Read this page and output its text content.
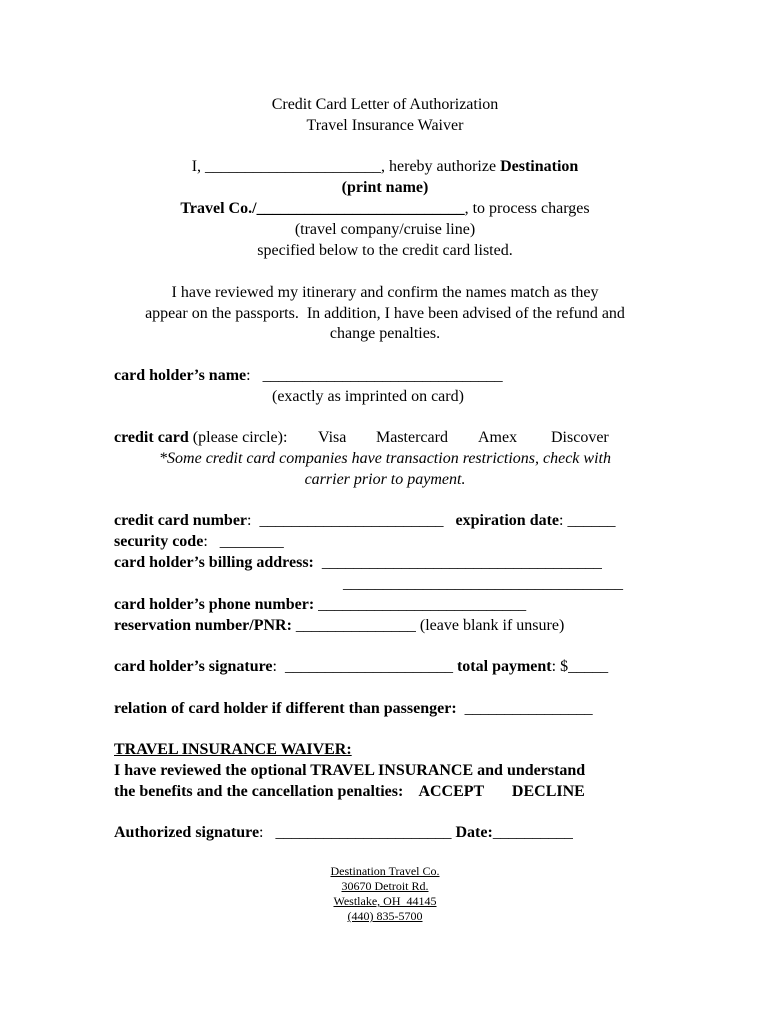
Credit Card Letter of Authorization
Travel Insurance Waiver
I, ______________________, hereby authorize Destination
(print name)
Travel Co./__________________________, to process charges
(travel company/cruise line)
specified below to the credit card listed.
I have reviewed my itinerary and confirm the names match as they
appear on the passports.  In addition, I have been advised of the refund and
change penalties.
card holder’s name:   ______________________________
(exactly as imprinted on card)
credit card (please circle): Visa Mastercard Amex Discover
*Some credit card companies have transaction restrictions, check with
carrier prior to payment.
credit card number:  _______________________   expiration date: ______
security code:   ________
card holder’s billing address:  ___________________________________
___________________________________
card holder’s phone number: __________________________
reservation number/PNR: _______________ (leave blank if unsure)
card holder’s signature:  _____________________ total payment: $_____
relation of card holder if different than passenger:  ________________
TRAVEL INSURANCE WAIVER:
I have reviewed the optional TRAVEL INSURANCE and understand
the benefits and the cancellation penalties:    ACCEPT       DECLINE
Authorized signature:   ______________________ Date:__________
Destination Travel Co.
30670 Detroit Rd.
Westlake, OH  44145
(440) 835-5700
